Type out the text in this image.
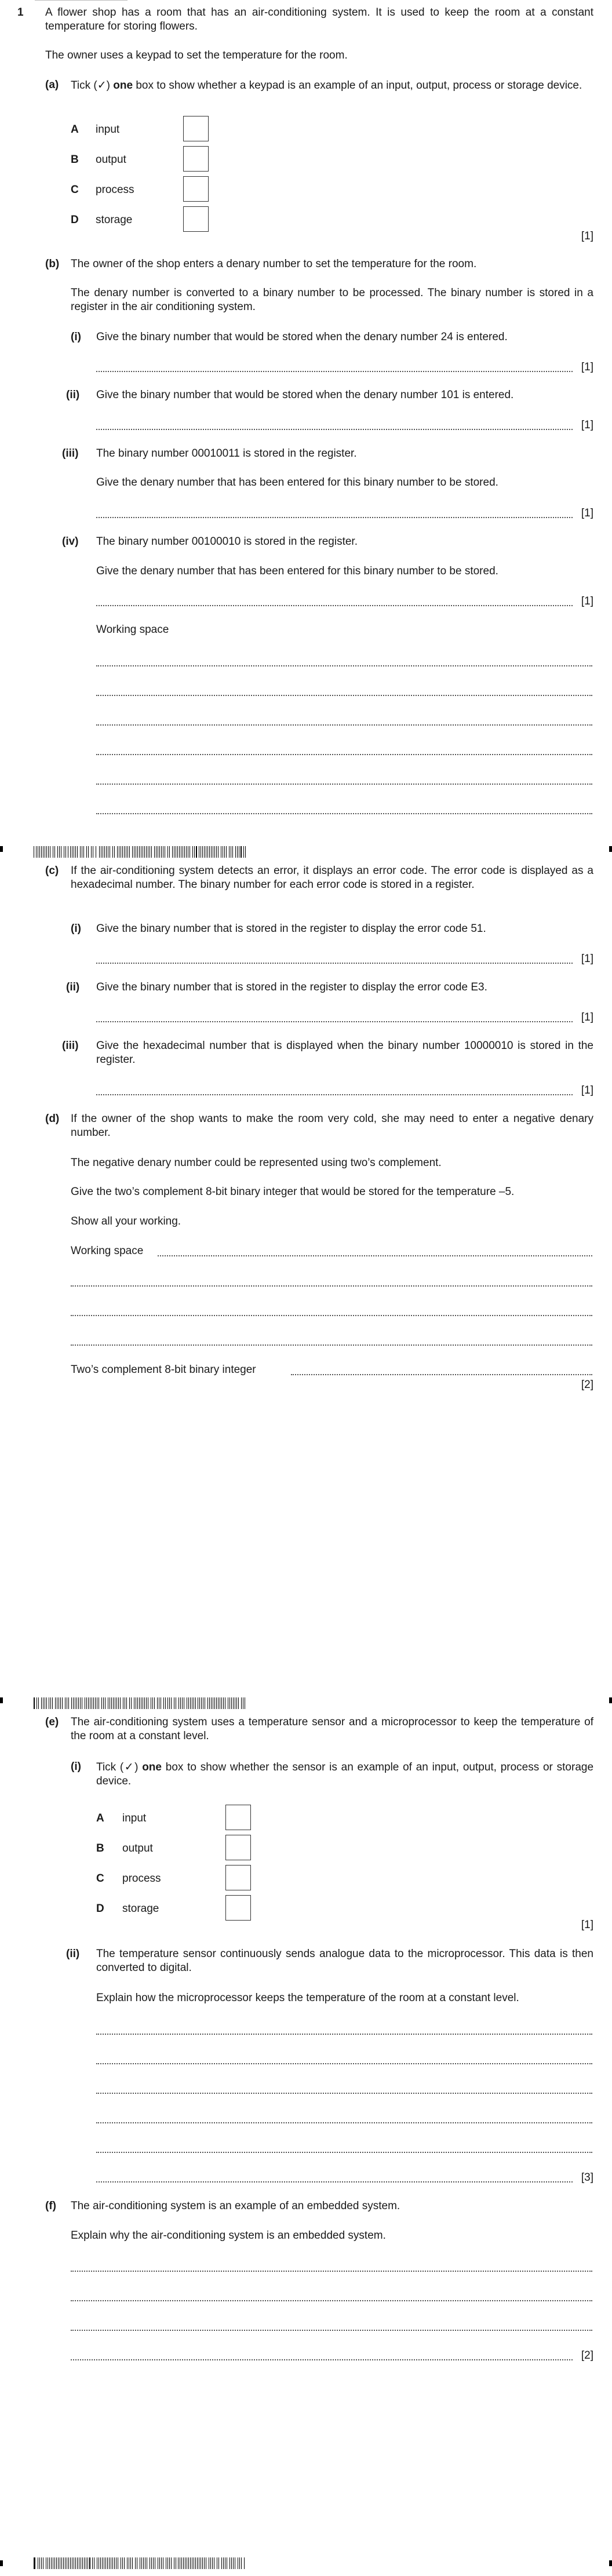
1 A flower shop has a room that has an air-conditioning system. It is used to keep the room at a constant temperature for storing flowers.
The owner uses a keypad to set the temperature for the room.
(a) Tick (✓) one box to show whether a keypad is an example of an input, output, process or storage device.
A input
B output
C process
D storage
[1]
(b) The owner of the shop enters a denary number to set the temperature for the room.
The denary number is converted to a binary number to be processed. The binary number is stored in a register in the air conditioning system.
(i) Give the binary number that would be stored when the denary number 24 is entered.
[1]
(ii) Give the binary number that would be stored when the denary number 101 is entered.
[1]
(iii) The binary number 00010011 is stored in the register.
Give the denary number that has been entered for this binary number to be stored.
[1]
(iv) The binary number 00100010 is stored in the register.
Give the denary number that has been entered for this binary number to be stored.
[1]
Working space
(c) If the air-conditioning system detects an error, it displays an error code. The error code is displayed as a hexadecimal number. The binary number for each error code is stored in a register.
(i) Give the binary number that is stored in the register to display the error code 51.
[1]
(ii) Give the binary number that is stored in the register to display the error code E3.
[1]
(iii) Give the hexadecimal number that is displayed when the binary number 10000010 is stored in the register.
[1]
(d) If the owner of the shop wants to make the room very cold, she may need to enter a negative denary number.
The negative denary number could be represented using two’s complement.
Give the two’s complement 8-bit binary integer that would be stored for the temperature –5.
Show all your working.
Working space
Two’s complement 8-bit binary integer
[2]
(e) The air-conditioning system uses a temperature sensor and a microprocessor to keep the temperature of the room at a constant level.
(i) Tick (✓) one box to show whether the sensor is an example of an input, output, process or storage device.
A input
B output
C process
D storage
[1]
(ii) The temperature sensor continuously sends analogue data to the microprocessor. This data is then converted to digital.
Explain how the microprocessor keeps the temperature of the room at a constant level.
[3]
(f) The air-conditioning system is an example of an embedded system.
Explain why the air-conditioning system is an embedded system.
[2]
